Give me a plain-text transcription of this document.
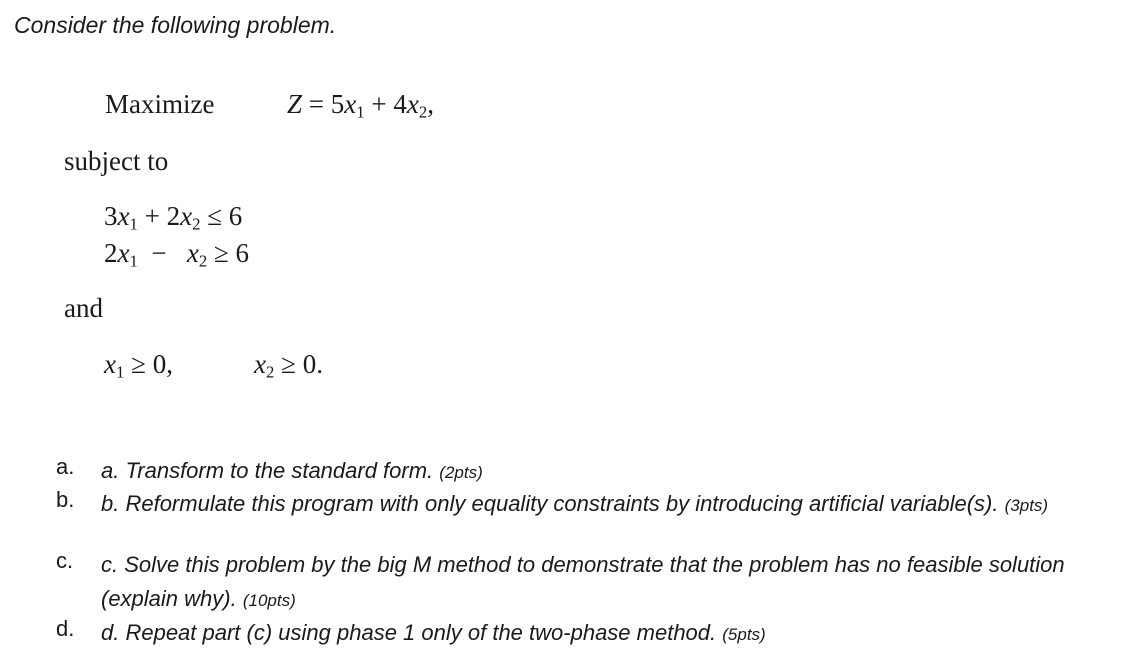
Consider the following problem.
Maximize	$Z = 5x_1 + 4x_2$,
subject to
$3x_1 + 2x_2 \le 6$
$2x_1 - x_2 \ge 6$
and
$x_1 \ge 0$,	$x_2 \ge 0$.
a.	a. Transform to the standard form. (2pts)
b.	b. Reformulate this program with only equality constraints by introducing artificial variable(s). (3pts)
c.	c. Solve this problem by the big M method to demonstrate that the problem has no feasible solution (explain why). (10pts)
d.	d. Repeat part (c) using phase 1 only of the two-phase method. (5pts)
